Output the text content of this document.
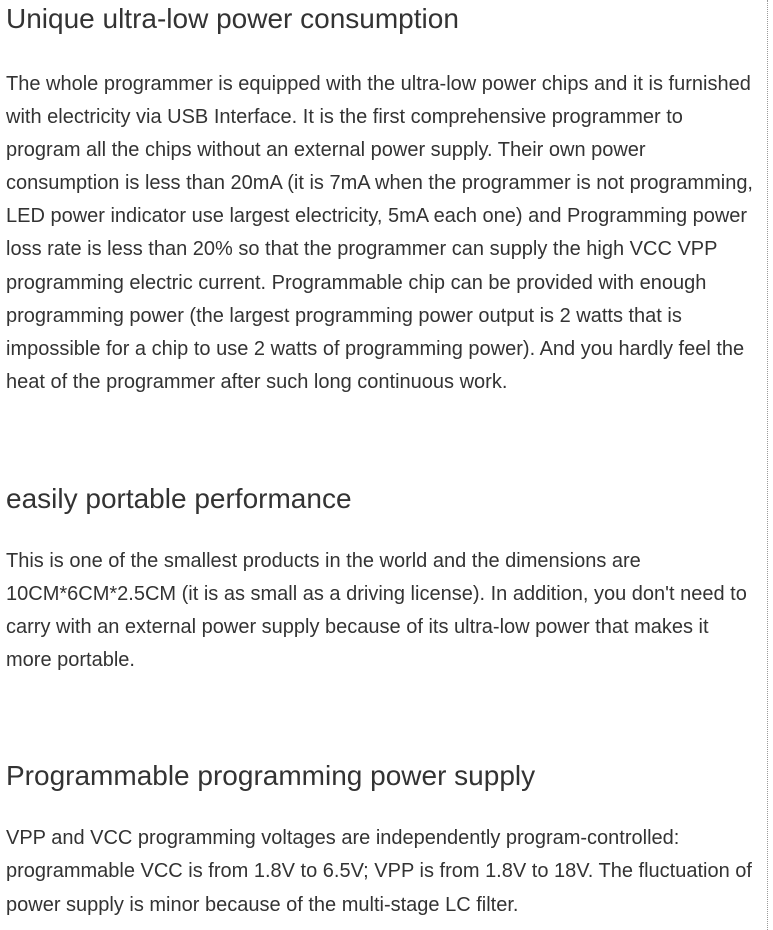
Unique ultra-low power consumption

The whole programmer is equipped with the ultra-low power chips and it is furnished with electricity via USB Interface. It is the first comprehensive programmer to program all the chips without an external power supply. Their own power consumption is less than 20mA (it is 7mA when the programmer is not programming, LED power indicator use largest electricity, 5mA each one) and Programming power loss rate is less than 20% so that the programmer can supply the high VCC VPP programming electric current. Programmable chip can be provided with enough programming power (the largest programming power output is 2 watts that is impossible for a chip to use 2 watts of programming power). And you hardly feel the heat of the programmer after such long continuous work.

easily portable performance

This is one of the smallest products in the world and the dimensions are 10CM*6CM*2.5CM (it is as small as a driving license). In addition, you don't need to carry with an external power supply because of its ultra-low power that makes it more portable.

Programmable programming power supply

VPP and VCC programming voltages are independently program-controlled: programmable VCC is from 1.8V to 6.5V; VPP is from 1.8V to 18V. The fluctuation of power supply is minor because of the multi-stage LC filter.
